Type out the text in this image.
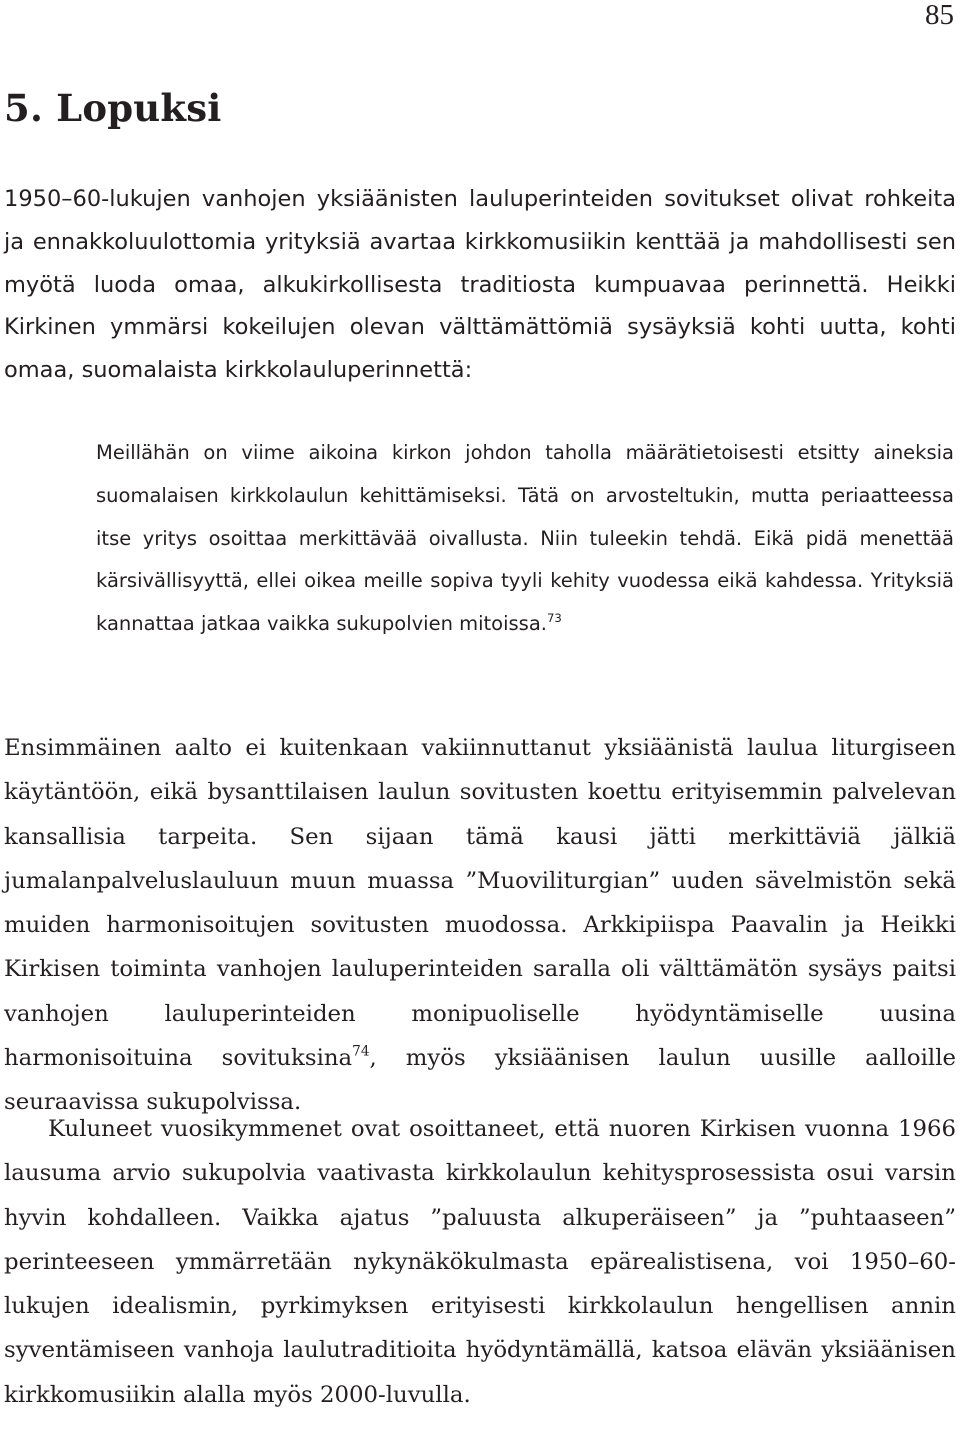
85
5. Lopuksi

1950–60-lukujen vanhojen yksiäänisten lauluperinteiden sovitukset olivat rohkeita ja ennakkoluulottomia yrityksiä avartaa kirkkomusiikin kenttää ja mahdollisesti sen myötä luoda omaa, alkukirkollisesta traditiosta kumpuavaa perinnettä. Heikki Kirkinen ymmärsi kokeilujen olevan välttämättömiä sysäyksiä kohti uutta, kohti omaa, suomalaista kirkkolauluperinnettä:

Meillähän on viime aikoina kirkon johdon taholla määrätietoisesti etsitty aineksia suomalaisen kirkkolaulun kehittämiseksi. Tätä on arvosteltukin, mutta periaatteessa itse yritys osoittaa merkittävää oivallusta. Niin tuleekin tehdä. Eikä pidä menettää kärsivällisyyttä, ellei oikea meille sopiva tyyli kehity vuodessa eikä kahdessa. Yrityksiä kannattaa jatkaa vaikka sukupolvien mitoissa.$^{73}$

Ensimmäinen aalto ei kuitenkaan vakiinnuttanut yksiäänistä laulua liturgiseen käytäntöön, eikä bysanttilaisen laulun sovitusten koettu erityisemmin palvelevan kansallisia tarpeita. Sen sijaan tämä kausi jätti merkittäviä jälkiä jumalanpalveluslauluun muun muassa ”Muoviliturgian” uuden sävelmistön sekä muiden harmonisoitujen sovitusten muodossa. Arkkipiispa Paavalin ja Heikki Kirkisen toiminta vanhojen lauluperinteiden saralla oli välttämätön sysäys paitsi vanhojen lauluperinteiden monipuoliselle hyödyntämiselle uusina harmonisoituina sovituksina$^{74}$, myös yksiäänisen laulun uusille aalloille seuraavissa sukupolvissa.

Kuluneet vuosikymmenet ovat osoittaneet, että nuoren Kirkisen vuonna 1966 lausuma arvio sukupolvia vaativasta kirkkolaulun kehitysprosessista osui varsin hyvin kohdalleen. Vaikka ajatus ”paluusta alkuperäiseen” ja ”puhtaaseen” perinteeseen ymmärretään nykynäkökulmasta epärealistisena, voi 1950–60-lukujen idealismin, pyrkimyksen erityisesti kirkkolaulun hengellisen annin syventämiseen vanhoja laulutraditioita hyödyntämällä, katsoa elävän yksiäänisen kirkkomusiikin alalla myös 2000-luvulla.
